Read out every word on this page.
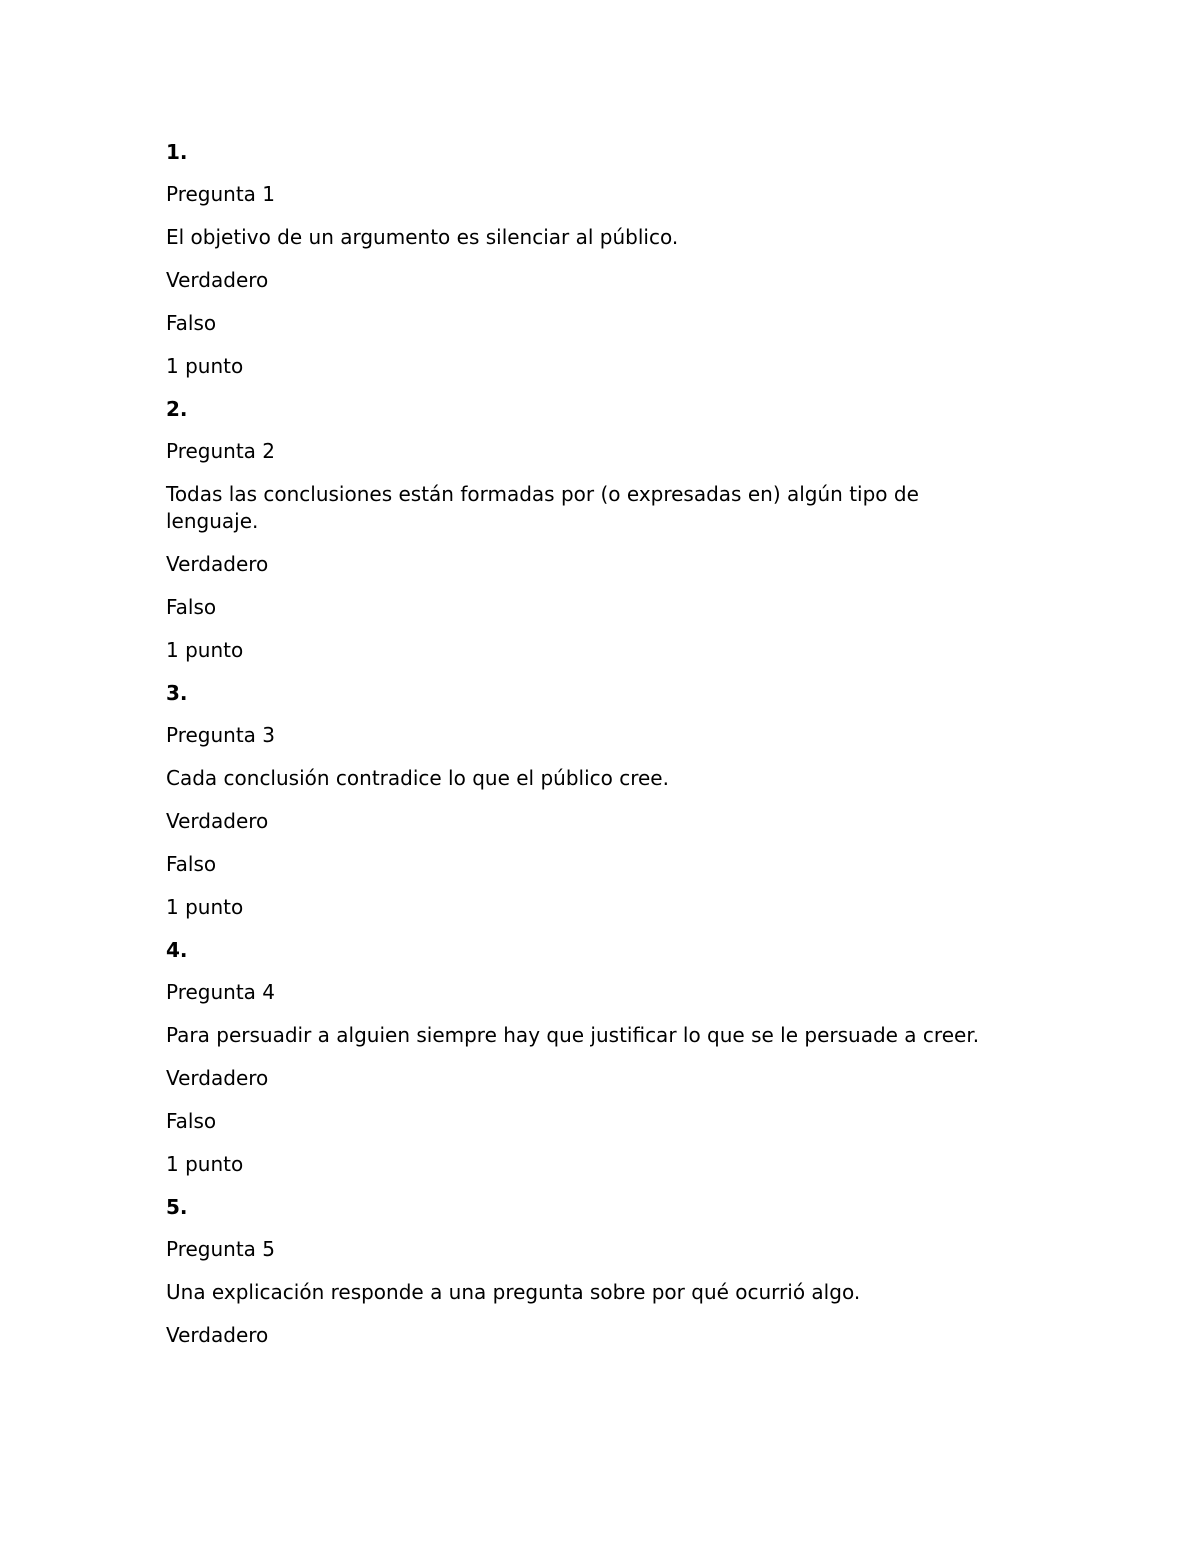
1.
Pregunta 1
El objetivo de un argumento es silenciar al público.
Verdadero
Falso
1 punto
2.
Pregunta 2
Todas las conclusiones están formadas por (o expresadas en) algún tipo de lenguaje.
Verdadero
Falso
1 punto
3.
Pregunta 3
Cada conclusión contradice lo que el público cree.
Verdadero
Falso
1 punto
4.
Pregunta 4
Para persuadir a alguien siempre hay que justificar lo que se le persuade a creer.
Verdadero
Falso
1 punto
5.
Pregunta 5
Una explicación responde a una pregunta sobre por qué ocurrió algo.
Verdadero
